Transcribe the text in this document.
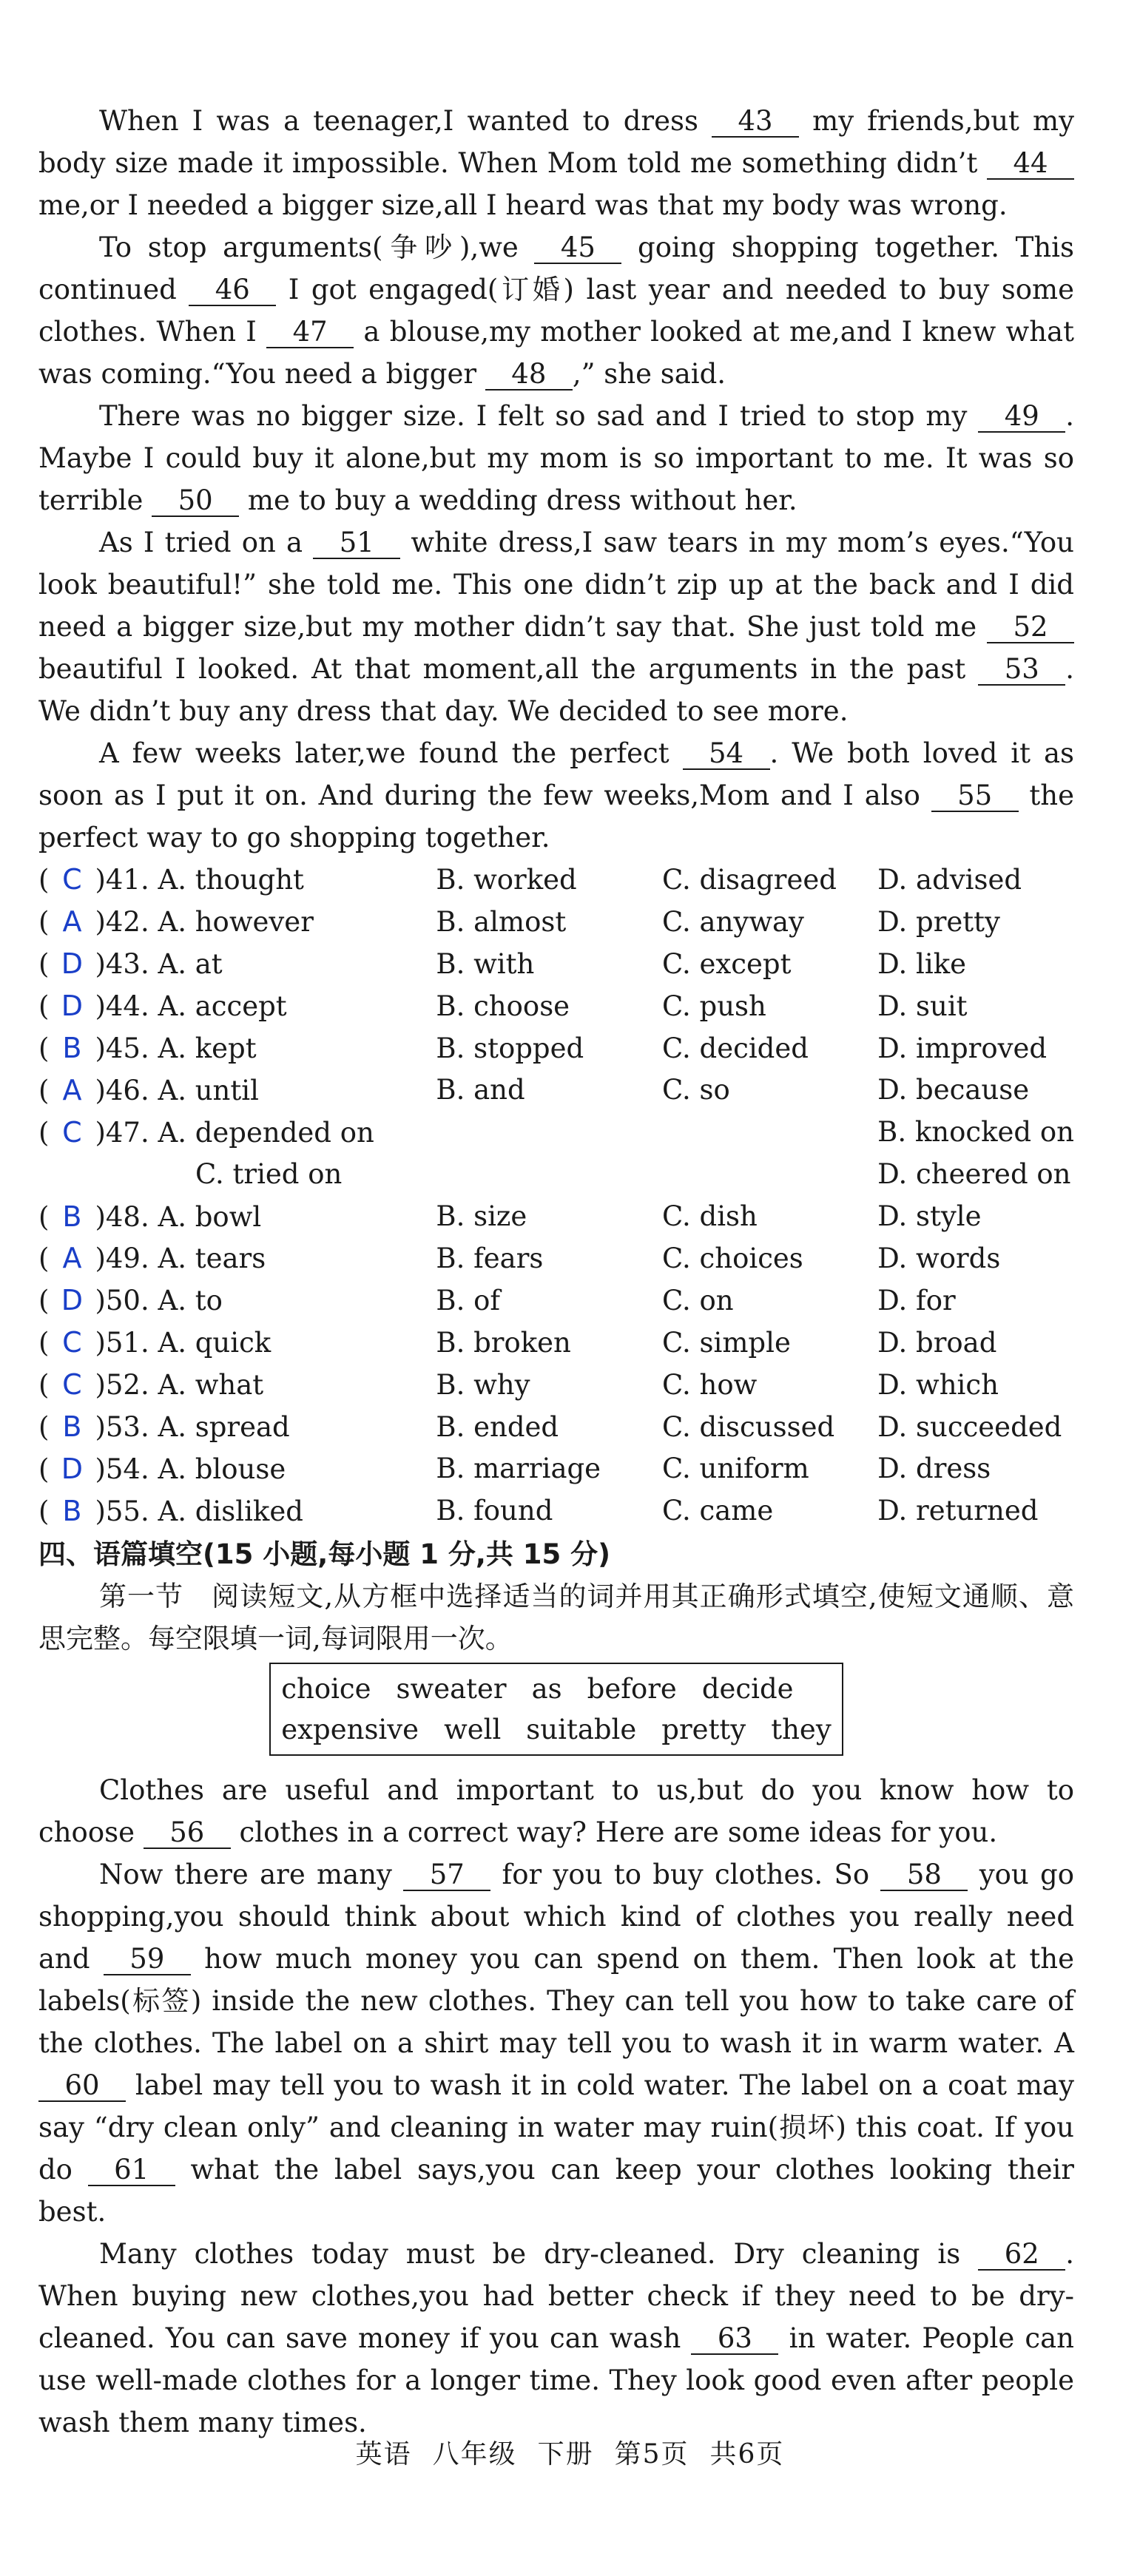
When I was a teenager,I wanted to dress 43 my friends,but my body size made it impossible. When Mom told me something didn’t 44 me,or I needed a bigger size,all I heard was that my body was wrong.

To stop arguments(争吵),we 45 going shopping together. This continued 46 I got engaged(订婚) last year and needed to buy some clothes. When I 47 a blouse,my mother looked at me,and I knew what was coming.“You need a bigger 48 ,” she said.

There was no bigger size. I felt so sad and I tried to stop my 49 . Maybe I could buy it alone,but my mom is so important to me. It was so terrible 50 me to buy a wedding dress without her.

As I tried on a 51 white dress,I saw tears in my mom’s eyes.“You look beautiful!” she told me. This one didn’t zip up at the back and I did need a bigger size,but my mother didn’t say that. She just told me 52 beautiful I looked. At that moment,all the arguments in the past 53 . We didn’t buy any dress that day. We decided to see more.

A few weeks later,we found the perfect 54 . We both loved it as soon as I put it on. And during the few weeks,Mom and I also 55 the perfect way to go shopping together.

( C )41. A. thought	B. worked	C. disagreed	D. advised
( A )42. A. however	B. almost	C. anyway	D. pretty
( D )43. A. at	B. with	C. except	D. like
( D )44. A. accept	B. choose	C. push	D. suit
( B )45. A. kept	B. stopped	C. decided	D. improved
( A )46. A. until	B. and	C. so	D. because
( C )47. A. depended on			B. knocked on
C. tried on			D. cheered on
( B )48. A. bowl	B. size	C. dish	D. style
( A )49. A. tears	B. fears	C. choices	D. words
( D )50. A. to	B. of	C. on	D. for
( C )51. A. quick	B. broken	C. simple	D. broad
( C )52. A. what	B. why	C. how	D. which
( B )53. A. spread	B. ended	C. discussed	D. succeeded
( D )54. A. blouse	B. marriage	C. uniform	D. dress
( B )55. A. disliked	B. found	C. came	D. returned
四、语篇填空(15 小题,每小题 1 分,共 15 分)

第一节　阅读短文,从方框中选择适当的词并用其正确形式填空,使短文通顺、意思完整。每空限填一词,每词限用一次。

choice sweater as before decide
expensive well suitable pretty they

Clothes are useful and important to us,but do you know how to choose 56 clothes in a correct way? Here are some ideas for you.

Now there are many 57 for you to buy clothes. So 58 you go shopping,you should think about which kind of clothes you really need and 59 how much money you can spend on them. Then look at the labels(标签) inside the new clothes. They can tell you how to take care of the clothes. The label on a shirt may tell you to wash it in warm water. A 60 label may tell you to wash it in cold water. The label on a coat may say “dry clean only” and cleaning in water may ruin(损坏) this coat. If you do 61 what the label says,you can keep your clothes looking their best.

Many clothes today must be dry-cleaned. Dry cleaning is 62 . When buying new clothes,you had better check if they need to be dry-cleaned. You can save money if you can wash 63 in water. People can use well-made clothes for a longer time. They look good even after people wash them many times.

英语 八年级 下册 第5页 共6页
